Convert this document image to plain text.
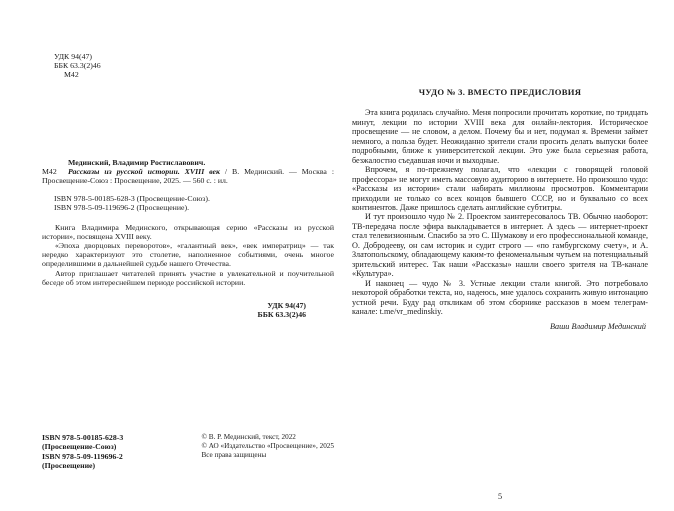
УДК 94(47)
ББК 63.3(2)46
М42
Мединский, Владимир Ростиславович.
М42 Рассказы из русской истории. XVIII век / В. Мединский. — Москва : Просвещение-Союз : Просвещение, 2025. — 560 с. : ил.
ISBN 978-5-00185-628-3 (Просвещение-Союз).
ISBN 978-5-09-119696-2 (Просвещение).

Книга Владимира Мединского, открывающая серию «Рассказы из русской истории», посвящена XVIII веку.

«Эпоха дворцовых переворотов», «галантный век», «век императриц» — так нередко характеризуют это столетие, наполненное событиями, очень многое определившими в дальнейшей судьбе нашего Отечества.

Автор приглашает читателей принять участие в увлекательной и поучительной беседе об этом интереснейшем периоде российской истории.

УДК 94(47)
ББК 63.3(2)46
ISBN 978-5-00185-628-3
(Просвещение-Союз)
ISBN 978-5-09-119696-2
(Просвещение)
© В. Р. Мединский, текст, 2022
© АО «Издательство «Просвещение», 2025
Все права защищены
ЧУДО № 3. ВМЕСТО ПРЕДИСЛОВИЯ

Эта книга родилась случайно. Меня попросили прочитать короткие, по тридцать минут, лекции по истории XVIII века для онлайн-лектория. Историческое просвещение — не словом, а делом. Почему бы и нет, подумал я. Времени займет немного, а польза будет. Неожиданно зрители стали просить делать выпуски более подробными, ближе к университетской лекции. Это уже была серьезная работа, безжалостно съедавшая ночи и выходные.

Впрочем, я по-прежнему полагал, что «лекции с говорящей головой профессора» не могут иметь массовую аудиторию в интернете. Но произошло чудо: «Рассказы из истории» стали набирать миллионы просмотров. Комментарии приходили не только со всех концов бывшего СССР, но и буквально со всех континентов. Даже пришлось сделать английские субтитры.

И тут произошло чудо № 2. Проектом заинтересовалось ТВ. Обычно наоборот: ТВ-передача после эфира выкладывается в интернет. А здесь — интернет-проект стал телевизионным. Спасибо за это С. Шумакову и его профессиональной команде, О. Добродееву, он сам историк и судит строго — «по гамбургскому счету», и А. Златопольскому, обладающему каким-то феноменальным чутьем на потенциальный зрительский интерес. Так наши «Рассказы» нашли своего зрителя на ТВ-канале «Культура».

И наконец — чудо № 3. Устные лекции стали книгой. Это потребовало некоторой обработки текста, но, надеюсь, мне удалось сохранить живую интонацию устной речи. Буду рад откликам об этом сборнике рассказов в моем телеграм-канале: t.me/vr_medinskiy.

Ваши Владимир Мединский
5
